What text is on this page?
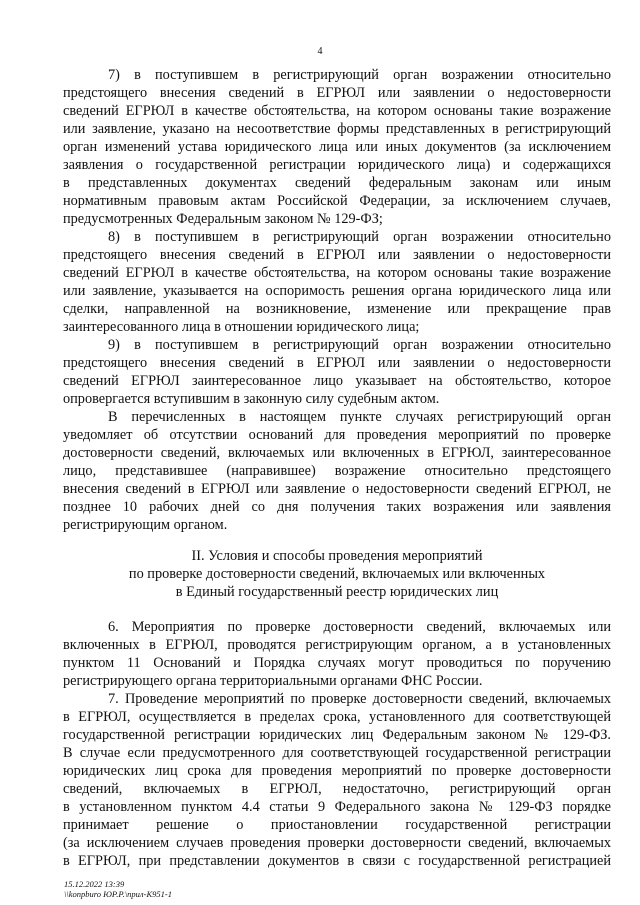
4
7) в поступившем в регистрирующий орган возражении относительно
предстоящего внесения сведений в ЕГРЮЛ или заявлении о недостоверности
сведений ЕГРЮЛ в качестве обстоятельства, на котором основаны такие возражение
или заявление, указано на несоответствие формы представленных в регистрирующий
орган изменений устава юридического лица или иных документов (за исключением
заявления о государственной регистрации юридического лица) и содержащихся
в представленных документах сведений федеральным законам или иным
нормативным правовым актам Российской Федерации, за исключением случаев,
предусмотренных Федеральным законом № 129-ФЗ;
8) в поступившем в регистрирующий орган возражении относительно
предстоящего внесения сведений в ЕГРЮЛ или заявлении о недостоверности
сведений ЕГРЮЛ в качестве обстоятельства, на котором основаны такие возражение
или заявление, указывается на оспоримость решения органа юридического лица или
сделки, направленной на возникновение, изменение или прекращение прав
заинтересованного лица в отношении юридического лица;
9) в поступившем в регистрирующий орган возражении относительно
предстоящего внесения сведений в ЕГРЮЛ или заявлении о недостоверности
сведений ЕГРЮЛ заинтересованное лицо указывает на обстоятельство, которое
опровергается вступившим в законную силу судебным актом.
В перечисленных в настоящем пункте случаях регистрирующий орган
уведомляет об отсутствии оснований для проведения мероприятий по проверке
достоверности сведений, включаемых или включенных в ЕГРЮЛ, заинтересованное
лицо, представившее (направившее) возражение относительно предстоящего
внесения сведений в ЕГРЮЛ или заявление о недостоверности сведений ЕГРЮЛ, не
позднее 10 рабочих дней со дня получения таких возражения или заявления
регистрирующим органом.
II. Условия и способы проведения мероприятий
по проверке достоверности сведений, включаемых или включенных
в Единый государственный реестр юридических лиц
6. Мероприятия по проверке достоверности сведений, включаемых или
включенных в ЕГРЮЛ, проводятся регистрирующим органом, а в установленных
пунктом 11 Оснований и Порядка случаях могут проводиться по поручению
регистрирующего органа территориальными органами ФНС России.
7. Проведение мероприятий по проверке достоверности сведений, включаемых
в ЕГРЮЛ, осуществляется в пределах срока, установленного для соответствующей
государственной регистрации юридических лиц Федеральным законом № 129-ФЗ.
В случае если предусмотренного для соответствующей государственной регистрации
юридических лиц срока для проведения мероприятий по проверке достоверности
сведений, включаемых в ЕГРЮЛ, недостаточно, регистрирующий орган
в установленном пунктом 4.4 статьи 9 Федерального закона № 129-ФЗ порядке
принимает решение о приостановлении государственной регистрации
(за исключением случаев проведения проверки достоверности сведений, включаемых
в ЕГРЮЛ, при представлении документов в связи с государственной регистрацией
15.12.2022 13:39
\\konpburo ЮР.Р.\прил-К951-1
